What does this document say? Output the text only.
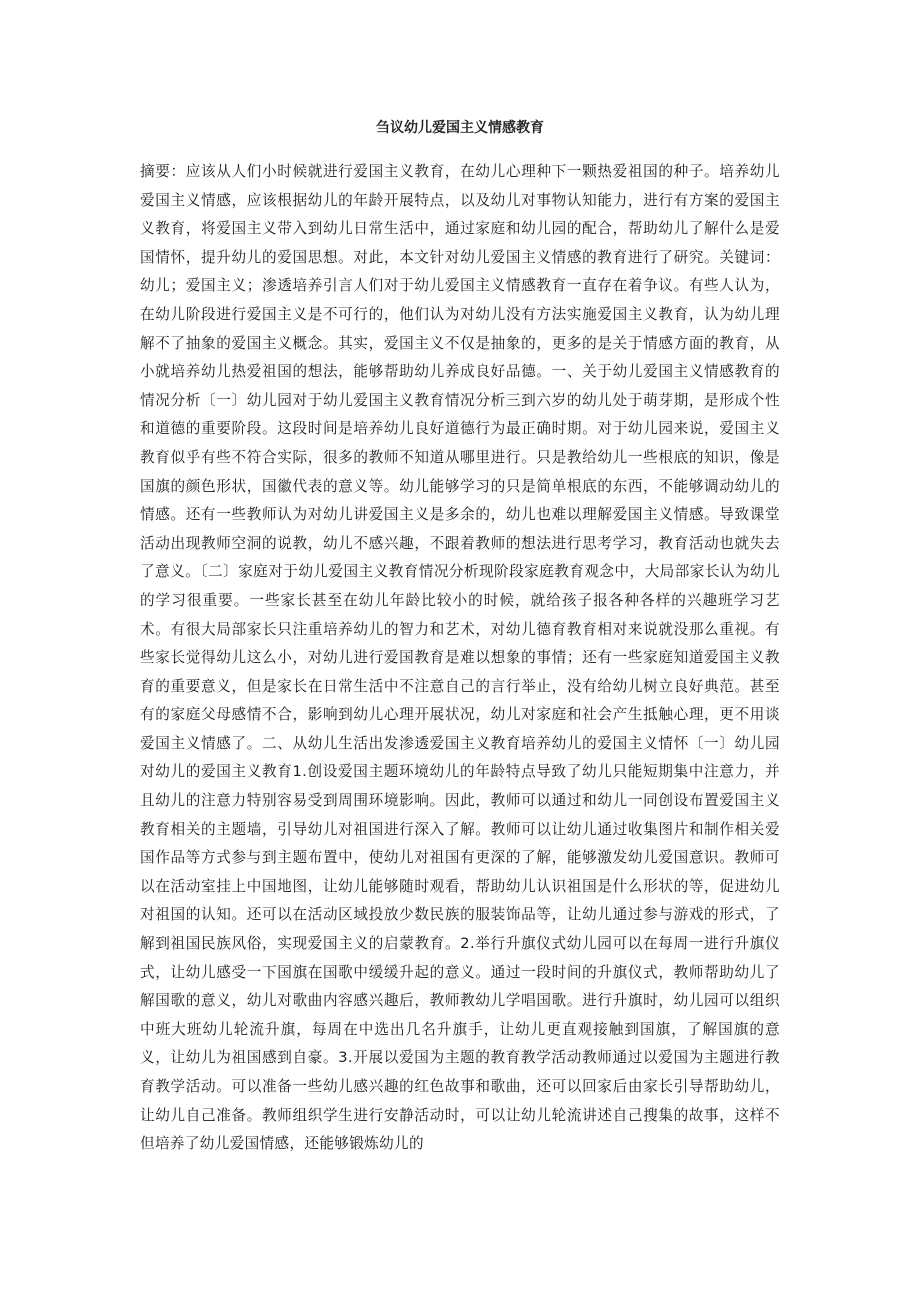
刍议幼儿爱国主义情感教育

摘要：应该从人们小时候就进行爱国主义教育，在幼儿心理种下一颗热爱祖国的种子。培养幼儿爱国主义情感，应该根据幼儿的年龄开展特点，以及幼儿对事物认知能力，进行有方案的爱国主义教育，将爱国主义带入到幼儿日常生活中，通过家庭和幼儿园的配合，帮助幼儿了解什么是爱国情怀，提升幼儿的爱国思想。对此，本文针对幼儿爱国主义情感的教育进行了研究。关键词：幼儿；爱国主义；渗透培养引言人们对于幼儿爱国主义情感教育一直存在着争议。有些人认为，在幼儿阶段进行爱国主义是不可行的，他们认为对幼儿没有方法实施爱国主义教育，认为幼儿理解不了抽象的爱国主义概念。其实，爱国主义不仅是抽象的，更多的是关于情感方面的教育，从小就培养幼儿热爱祖国的想法，能够帮助幼儿养成良好品德。一、关于幼儿爱国主义情感教育的情况分析〔一〕幼儿园对于幼儿爱国主义教育情况分析三到六岁的幼儿处于萌芽期，是形成个性和道德的重要阶段。这段时间是培养幼儿良好道德行为最正确时期。对于幼儿园来说，爱国主义教育似乎有些不符合实际，很多的教师不知道从哪里进行。只是教给幼儿一些根底的知识，像是国旗的颜色形状，国徽代表的意义等。幼儿能够学习的只是简单根底的东西，不能够调动幼儿的情感。还有一些教师认为对幼儿讲爱国主义是多余的，幼儿也难以理解爱国主义情感。导致课堂活动出现教师空洞的说教，幼儿不感兴趣，不跟着教师的想法进行思考学习，教育活动也就失去了意义。〔二〕家庭对于幼儿爱国主义教育情况分析现阶段家庭教育观念中，大局部家长认为幼儿的学习很重要。一些家长甚至在幼儿年龄比较小的时候，就给孩子报各种各样的兴趣班学习艺术。有很大局部家长只注重培养幼儿的智力和艺术，对幼儿德育教育相对来说就没那么重视。有些家长觉得幼儿这么小，对幼儿进行爱国教育是难以想象的事情；还有一些家庭知道爱国主义教育的重要意义，但是家长在日常生活中不注意自己的言行举止，没有给幼儿树立良好典范。甚至有的家庭父母感情不合，影响到幼儿心理开展状况，幼儿对家庭和社会产生抵触心理，更不用谈爱国主义情感了。二、从幼儿生活出发渗透爱国主义教育培养幼儿的爱国主义情怀〔一〕幼儿园对幼儿的爱国主义教育1.创设爱国主题环境幼儿的年龄特点导致了幼儿只能短期集中注意力，并且幼儿的注意力特别容易受到周围环境影响。因此，教师可以通过和幼儿一同创设布置爱国主义教育相关的主题墙，引导幼儿对祖国进行深入了解。教师可以让幼儿通过收集图片和制作相关爱国作品等方式参与到主题布置中，使幼儿对祖国有更深的了解，能够激发幼儿爱国意识。教师可以在活动室挂上中国地图，让幼儿能够随时观看，帮助幼儿认识祖国是什么形状的等，促进幼儿对祖国的认知。还可以在活动区域投放少数民族的服装饰品等，让幼儿通过参与游戏的形式，了解到祖国民族风俗，实现爱国主义的启蒙教育。2.举行升旗仪式幼儿园可以在每周一进行升旗仪式，让幼儿感受一下国旗在国歌中缓缓升起的意义。通过一段时间的升旗仪式，教师帮助幼儿了解国歌的意义，幼儿对歌曲内容感兴趣后，教师教幼儿学唱国歌。进行升旗时，幼儿园可以组织中班大班幼儿轮流升旗，每周在中选出几名升旗手，让幼儿更直观接触到国旗，了解国旗的意义，让幼儿为祖国感到自豪。3.开展以爱国为主题的教育教学活动教师通过以爱国为主题进行教育教学活动。可以准备一些幼儿感兴趣的红色故事和歌曲，还可以回家后由家长引导帮助幼儿，让幼儿自己准备。教师组织学生进行安静活动时，可以让幼儿轮流讲述自己搜集的故事，这样不但培养了幼儿爱国情感，还能够锻炼幼儿的
